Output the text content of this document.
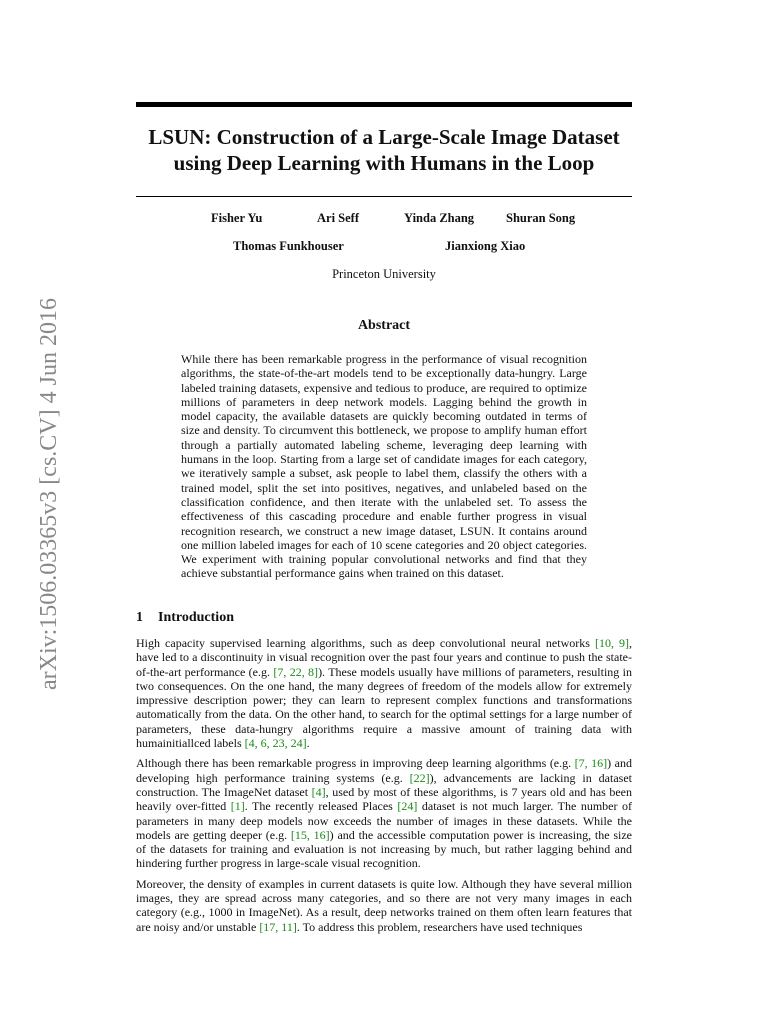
arXiv:1506.03365v3 [cs.CV] 4 Jun 2016
LSUN: Construction of a Large-Scale Image Dataset
using Deep Learning with Humans in the Loop
Fisher Yu	Ari Seff	Yinda Zhang	Shuran Song
Thomas Funkhouser	Jianxiong Xiao
Princeton University
Abstract

While there has been remarkable progress in the performance of visual recognition algorithms, the state-of-the-art models tend to be exceptionally data-hungry. Large labeled training datasets, expensive and tedious to produce, are required to optimize millions of parameters in deep network models. Lagging behind the growth in model capacity, the available datasets are quickly becoming outdated in terms of size and density. To circumvent this bottleneck, we propose to amplify human effort through a partially automated labeling scheme, leveraging deep learning with humans in the loop. Starting from a large set of candidate images for each category, we iteratively sample a subset, ask people to label them, classify the others with a trained model, split the set into positives, negatives, and unlabeled based on the classification confidence, and then iterate with the unlabeled set. To assess the effectiveness of this cascading procedure and enable further progress in visual recognition research, we construct a new image dataset, LSUN. It contains around one million labeled images for each of 10 scene categories and 20 object categories. We experiment with training popular convolutional networks and find that they achieve substantial performance gains when trained on this dataset.

1 Introduction

High capacity supervised learning algorithms, such as deep convolutional neural networks [10, 9], have led to a discontinuity in visual recognition over the past four years and continue to push the state-of-the-art performance (e.g. [7, 22, 8]). These models usually have millions of parameters, resulting in two consequences. On the one hand, the many degrees of freedom of the models allow for extremely impressive description power; they can learn to represent complex functions and transformations automatically from the data. On the other hand, to search for the optimal settings for a large number of parameters, these data-hungry algorithms require a massive amount of training data with humainitiallced labels [4, 6, 23, 24].

Although there has been remarkable progress in improving deep learning algorithms (e.g. [7, 16]) and developing high performance training systems (e.g. [22]), advancements are lacking in dataset construction. The ImageNet dataset [4], used by most of these algorithms, is 7 years old and has been heavily over-fitted [1]. The recently released Places [24] dataset is not much larger. The number of parameters in many deep models now exceeds the number of images in these datasets. While the models are getting deeper (e.g. [15, 16]) and the accessible computation power is increasing, the size of the datasets for training and evaluation is not increasing by much, but rather lagging behind and hindering further progress in large-scale visual recognition.

Moreover, the density of examples in current datasets is quite low. Although they have several million images, they are spread across many categories, and so there are not very many images in each category (e.g., 1000 in ImageNet). As a result, deep networks trained on them often learn features that are noisy and/or unstable [17, 11]. To address this problem, researchers have used techniques
